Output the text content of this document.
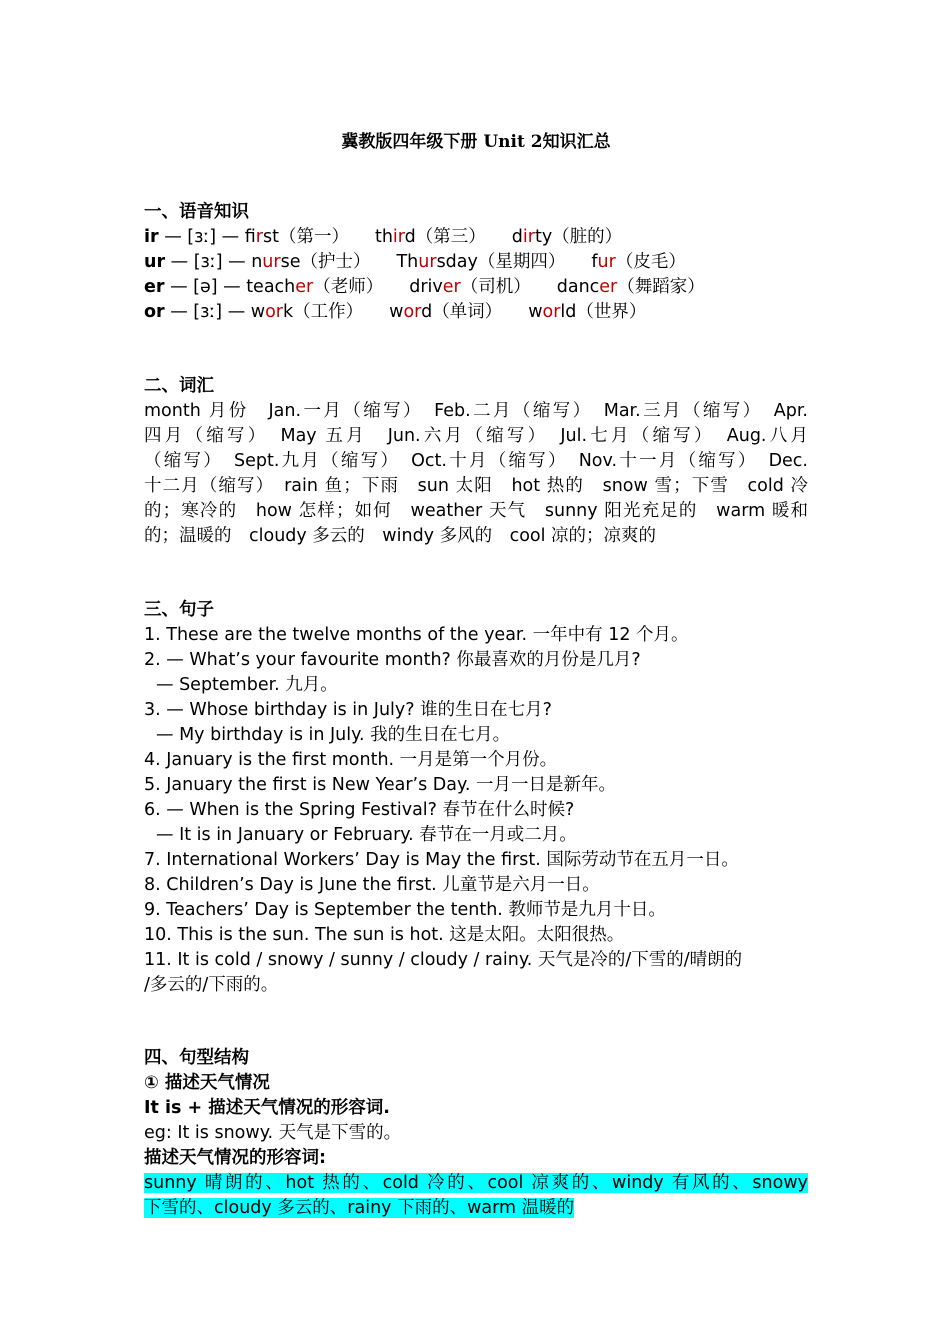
冀教版四年级下册 Unit 2知识汇总
一、语音知识
ir — [ɜː] — first（第一） third（第三） dirty（脏的）
ur — [ɜː] — nurse（护士） Thursday（星期四） fur（皮毛）
er — [ə] — teacher（老师） driver（司机） dancer（舞蹈家）
or — [ɜː] — work（工作） word（单词） world（世界）
二、词汇
month 月份　Jan.一月（缩写）　Feb.二月（缩写）　Mar.三月（缩写）　Apr.
四月（缩写）　May 五月　Jun.六月（缩写）　Jul.七月（缩写）　Aug.八月
（缩写）　Sept.九月（缩写）　Oct.十月（缩写）　Nov.十一月（缩写）　Dec.
十二月（缩写）　rain 鱼；下雨　sun 太阳　hot 热的　snow 雪；下雪　cold 冷
的；寒冷的　how 怎样；如何　weather 天气　sunny 阳光充足的　warm 暖和
的；温暖的　cloudy 多云的　windy 多风的　cool 凉的；凉爽的
三、句子
1. These are the twelve months of the year. 一年中有 12 个月。
2. — What’s your favourite month? 你最喜欢的月份是几月?
— September. 九月。
3. — Whose birthday is in July? 谁的生日在七月?
— My birthday is in July. 我的生日在七月。
4. January is the first month. 一月是第一个月份。
5. January the first is New Year’s Day. 一月一日是新年。
6. — When is the Spring Festival? 春节在什么时候?
— It is in January or February. 春节在一月或二月。
7. International Workers’ Day is May the first. 国际劳动节在五月一日。
8. Children’s Day is June the first. 儿童节是六月一日。
9. Teachers’ Day is September the tenth. 教师节是九月十日。
10. This is the sun. The sun is hot. 这是太阳。太阳很热。
11. It is cold / snowy / sunny / cloudy / rainy. 天气是冷的/下雪的/晴朗的
/多云的/下雨的。
四、句型结构
① 描述天气情况
It is + 描述天气情况的形容词.
eg: It is snowy. 天气是下雪的。
描述天气情况的形容词:
sunny 晴朗的、hot 热的、cold 冷的、cool 凉爽的、windy 有风的、snowy
下雪的、cloudy 多云的、rainy 下雨的、warm 温暖的
